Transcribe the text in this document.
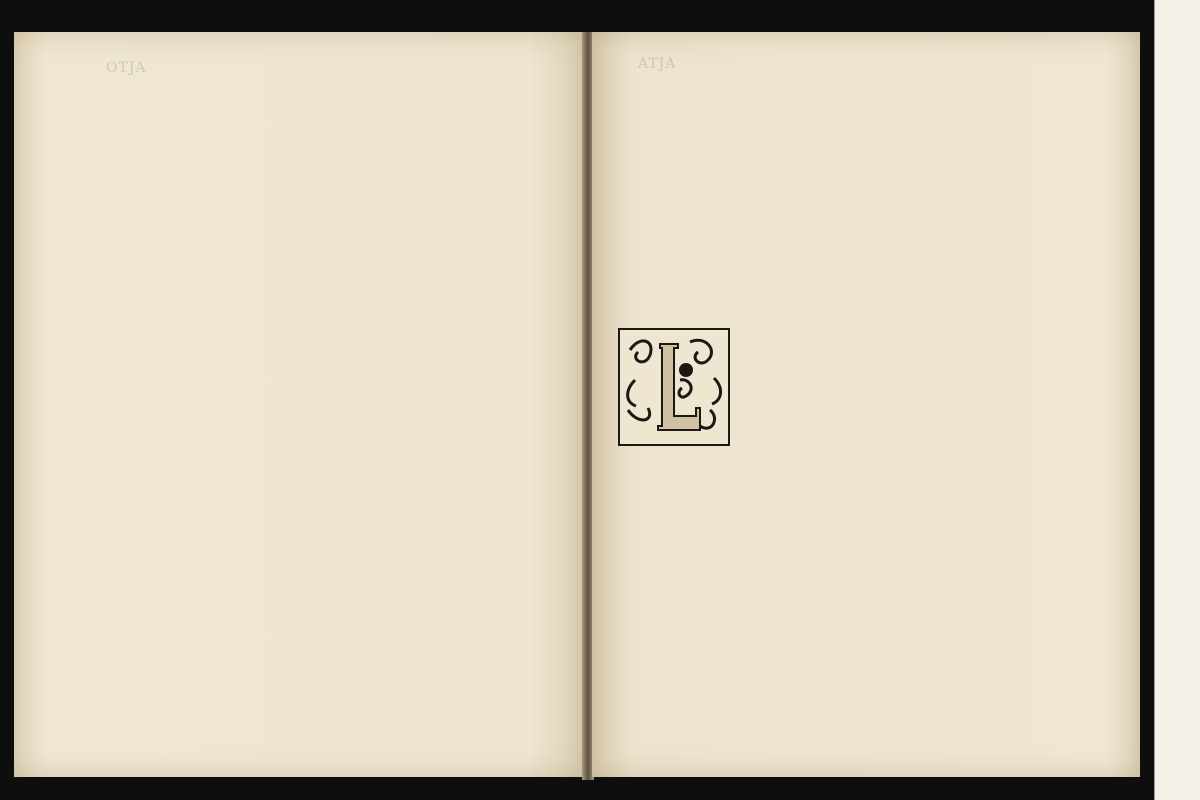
OTJA	ATJA
